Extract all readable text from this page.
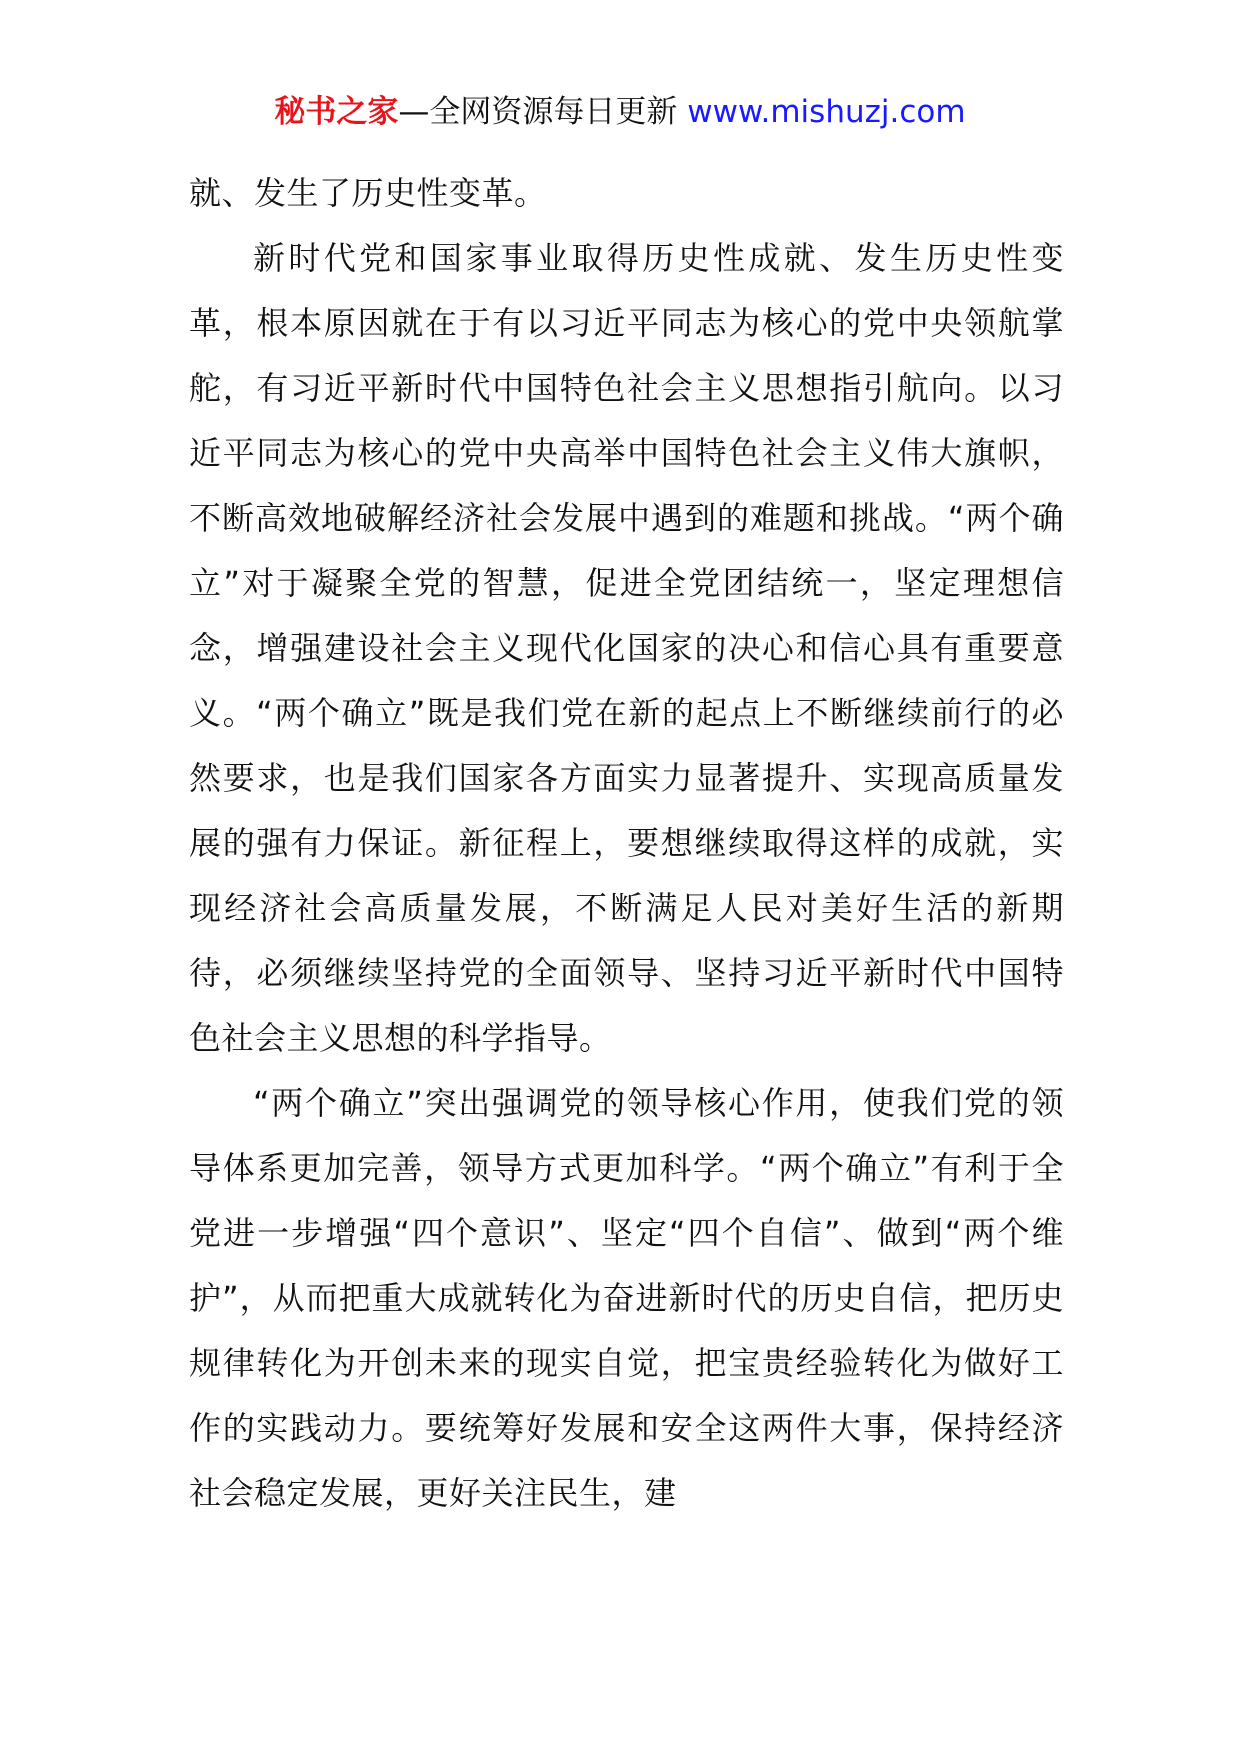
秘书之家—全网资源每日更新 www.mishuzj.com

就、发生了历史性变革。

新时代党和国家事业取得历史性成就、发生历史性变革，根本原因就在于有以习近平同志为核心的党中央领航掌舵，有习近平新时代中国特色社会主义思想指引航向。以习近平同志为核心的党中央高举中国特色社会主义伟大旗帜，不断高效地破解经济社会发展中遇到的难题和挑战。“两个确立”对于凝聚全党的智慧，促进全党团结统一，坚定理想信念，增强建设社会主义现代化国家的决心和信心具有重要意义。“两个确立”既是我们党在新的起点上不断继续前行的必然要求，也是我们国家各方面实力显著提升、实现高质量发展的强有力保证。新征程上，要想继续取得这样的成就，实现经济社会高质量发展，不断满足人民对美好生活的新期待，必须继续坚持党的全面领导、坚持习近平新时代中国特色社会主义思想的科学指导。

“两个确立”突出强调党的领导核心作用，使我们党的领导体系更加完善，领导方式更加科学。“两个确立”有利于全党进一步增强“四个意识”、坚定“四个自信”、做到“两个维护”，从而把重大成就转化为奋进新时代的历史自信，把历史规律转化为开创未来的现实自觉，把宝贵经验转化为做好工作的实践动力。要统筹好发展和安全这两件大事，保持经济社会稳定发展，更好关注民生，建
